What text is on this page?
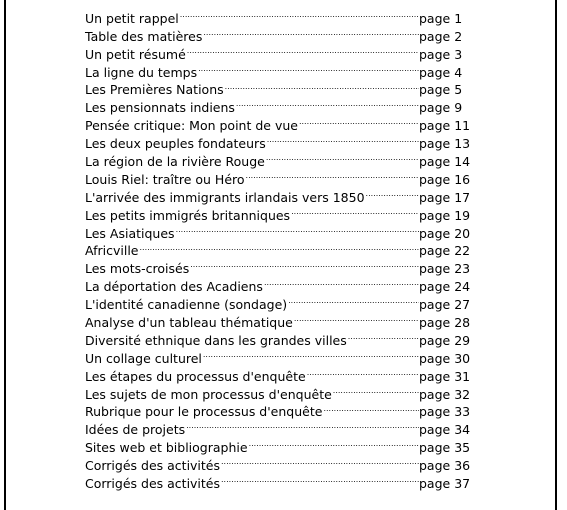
Un petit rappel .....	page 1
Table des matières .....	page 2
Un petit résumé .....	page 3
La ligne du temps .....	page 4
Les Premières Nations .....	page 5
Les pensionnats indiens .....	page 9
Pensée critique: Mon point de vue .....	page 11
Les deux peuples fondateurs .....	page 13
La région de la rivière Rouge .....	page 14
Louis Riel: traître ou Héro .....	page 16
L'arrivée des immigrants irlandais vers 1850 .....	page 17
Les petits immigrés britanniques .....	page 19
Les Asiatiques .....	page 20
Africville .....	page 22
Les mots-croisés .....	page 23
La déportation des Acadiens .....	page 24
L'identité canadienne (sondage) .....	page 27
Analyse d'un tableau thématique .....	page 28
Diversité ethnique dans les grandes villes .....	page 29
Un collage culturel .....	page 30
Les étapes du processus d'enquête .....	page 31
Les sujets de mon processus d'enquête .....	page 32
Rubrique pour le processus d'enquête .....	page 33
Idées de projets .....	page 34
Sites web et bibliographie .....	page 35
Corrigés des activités .....	page 36
Corrigés des activités .....	page 37
